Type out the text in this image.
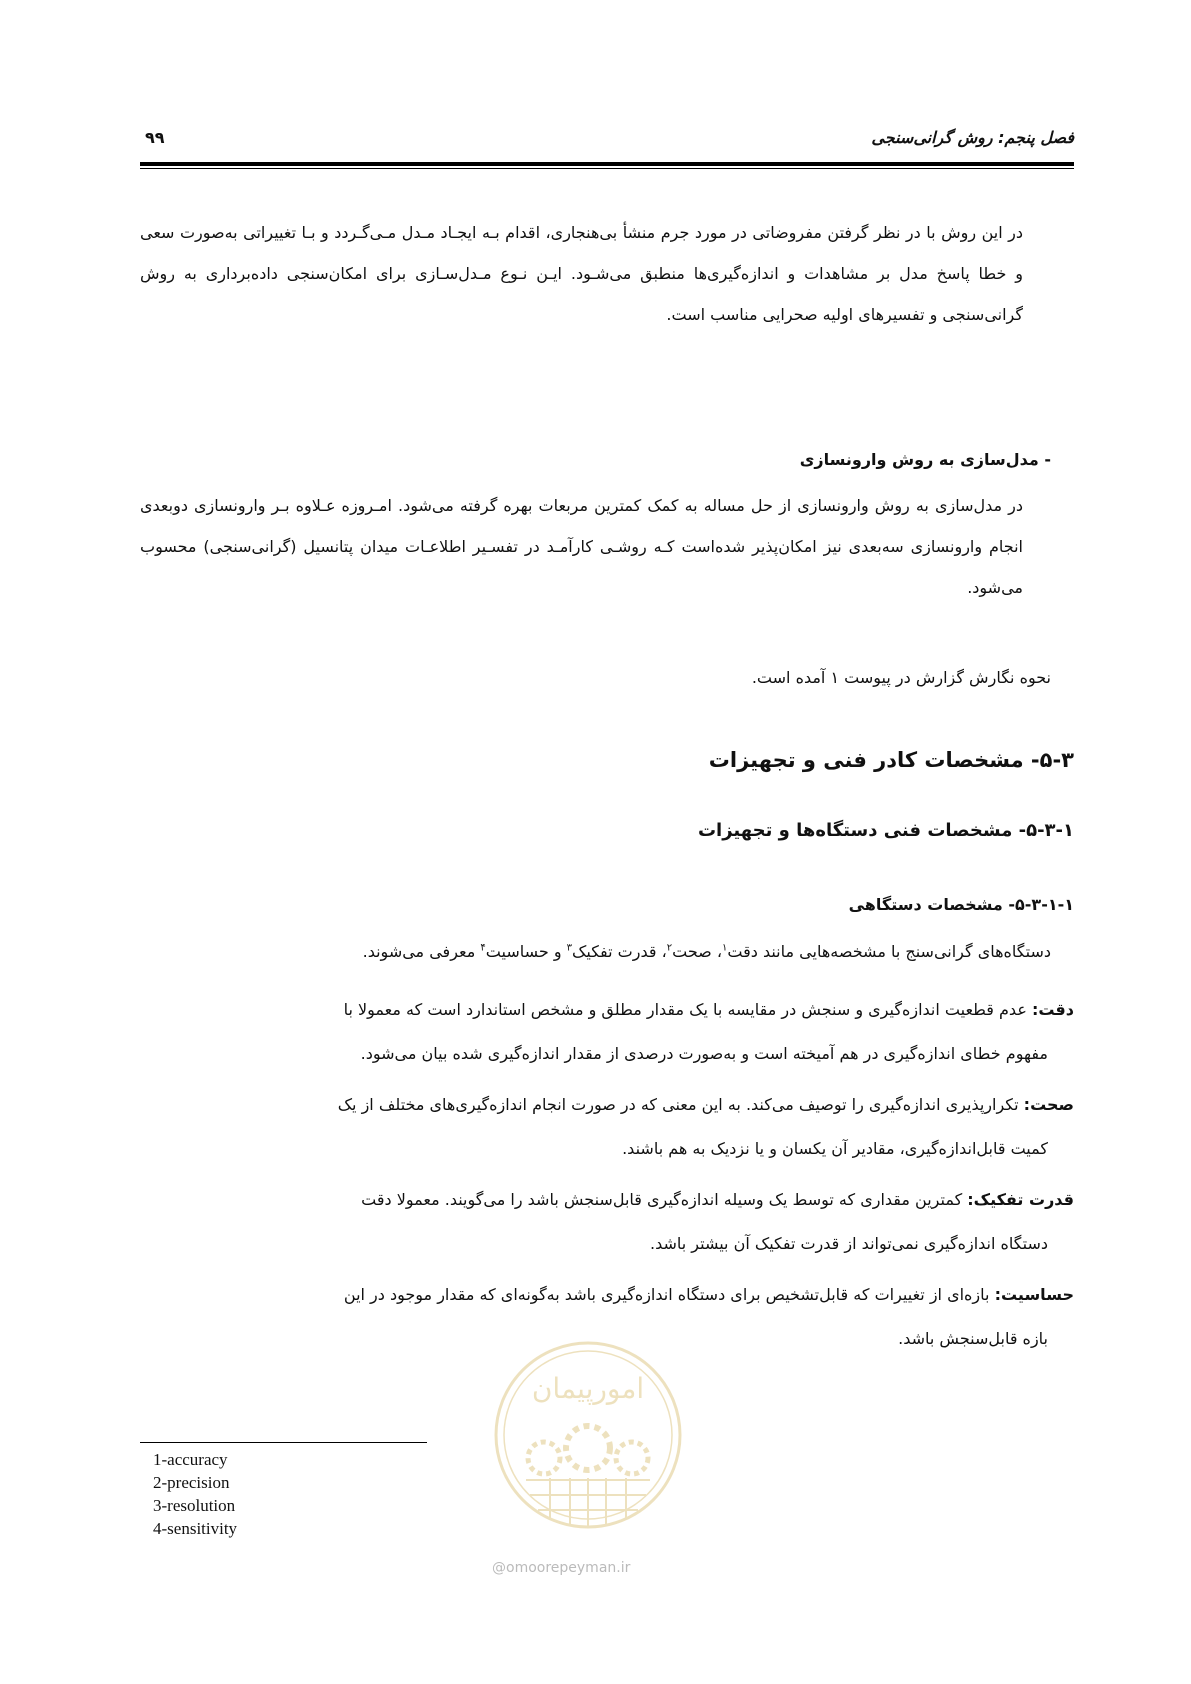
فصل پنجم: روش گرانی‌سنجی
۹۹
در این روش با در نظر گرفتن مفروضاتی در مورد جرم منشأ بی‌هنجاری، اقدام بـه ایجـاد مـدل مـی‌گـردد و بـا تغییراتی به‌صورت سعی و خطا پاسخ مدل بر مشاهدات و اندازه‌گیری‌ها منطبق می‌شـود. ایـن نـوع مـدل‌سـازی برای امکان‌سنجی داده‌برداری به روش گرانی‌سنجی و تفسیرهای اولیه صحرایی مناسب است.
- مدل‌سازی به روش وارونسازی
در مدل‌سازی به روش وارونسازی از حل مساله به کمک کمترین مربعات بهره گرفته می‌شود. امـروزه عـلاوه بـر وارونسازی دوبعدی انجام وارونسازی سه‌بعدی نیز امکان‌پذیر شده‌است کـه روشـی کارآمـد در تفسـیر اطلاعـات میدان پتانسیل (گرانی‌سنجی) محسوب می‌شود.
نحوه نگارش گزارش در پیوست ۱ آمده است.
۵-۳- مشخصات کادر فنی و تجهیزات
۵-۳-۱- مشخصات فنی دستگاه‌ها و تجهیزات
۵-۳-۱-۱- مشخصات دستگاهی
دستگاه‌های گرانی‌سنج با مشخصه‌هایی مانند دقت$^۱$، صحت$^۲$، قدرت تفکیک$^۳$ و حساسیت$^۴$ معرفی می‌شوند.
دقت: عدم قطعیت اندازه‌گیری و سنجش در مقایسه با یک مقدار مطلق و مشخص استاندارد است که معمولا با
مفهوم خطای اندازه‌گیری در هم آمیخته است و به‌صورت درصدی از مقدار اندازه‌گیری شده بیان می‌شود.
صحت: تکرارپذیری اندازه‌گیری را توصیف می‌کند. به این معنی که در صورت انجام اندازه‌گیری‌های مختلف از یک
کمیت قابل‌اندازه‌گیری، مقادیر آن یکسان و یا نزدیک به هم باشند.
قدرت تفکیک: کمترین مقداری که توسط یک وسیله اندازه‌گیری قابل‌سنجش باشد را می‌گویند. معمولا دقت
دستگاه اندازه‌گیری نمی‌تواند از قدرت تفکیک آن بیشتر باشد.
حساسیت: بازه‌ای از تغییرات که قابل‌تشخیص برای دستگاه اندازه‌گیری باشد به‌گونه‌ای که مقدار موجود در این
بازه قابل‌سنجش باشد.
امورپیمان
@omoorepeyman.ir
1-accuracy
2-precision
3-resolution
4-sensitivity
